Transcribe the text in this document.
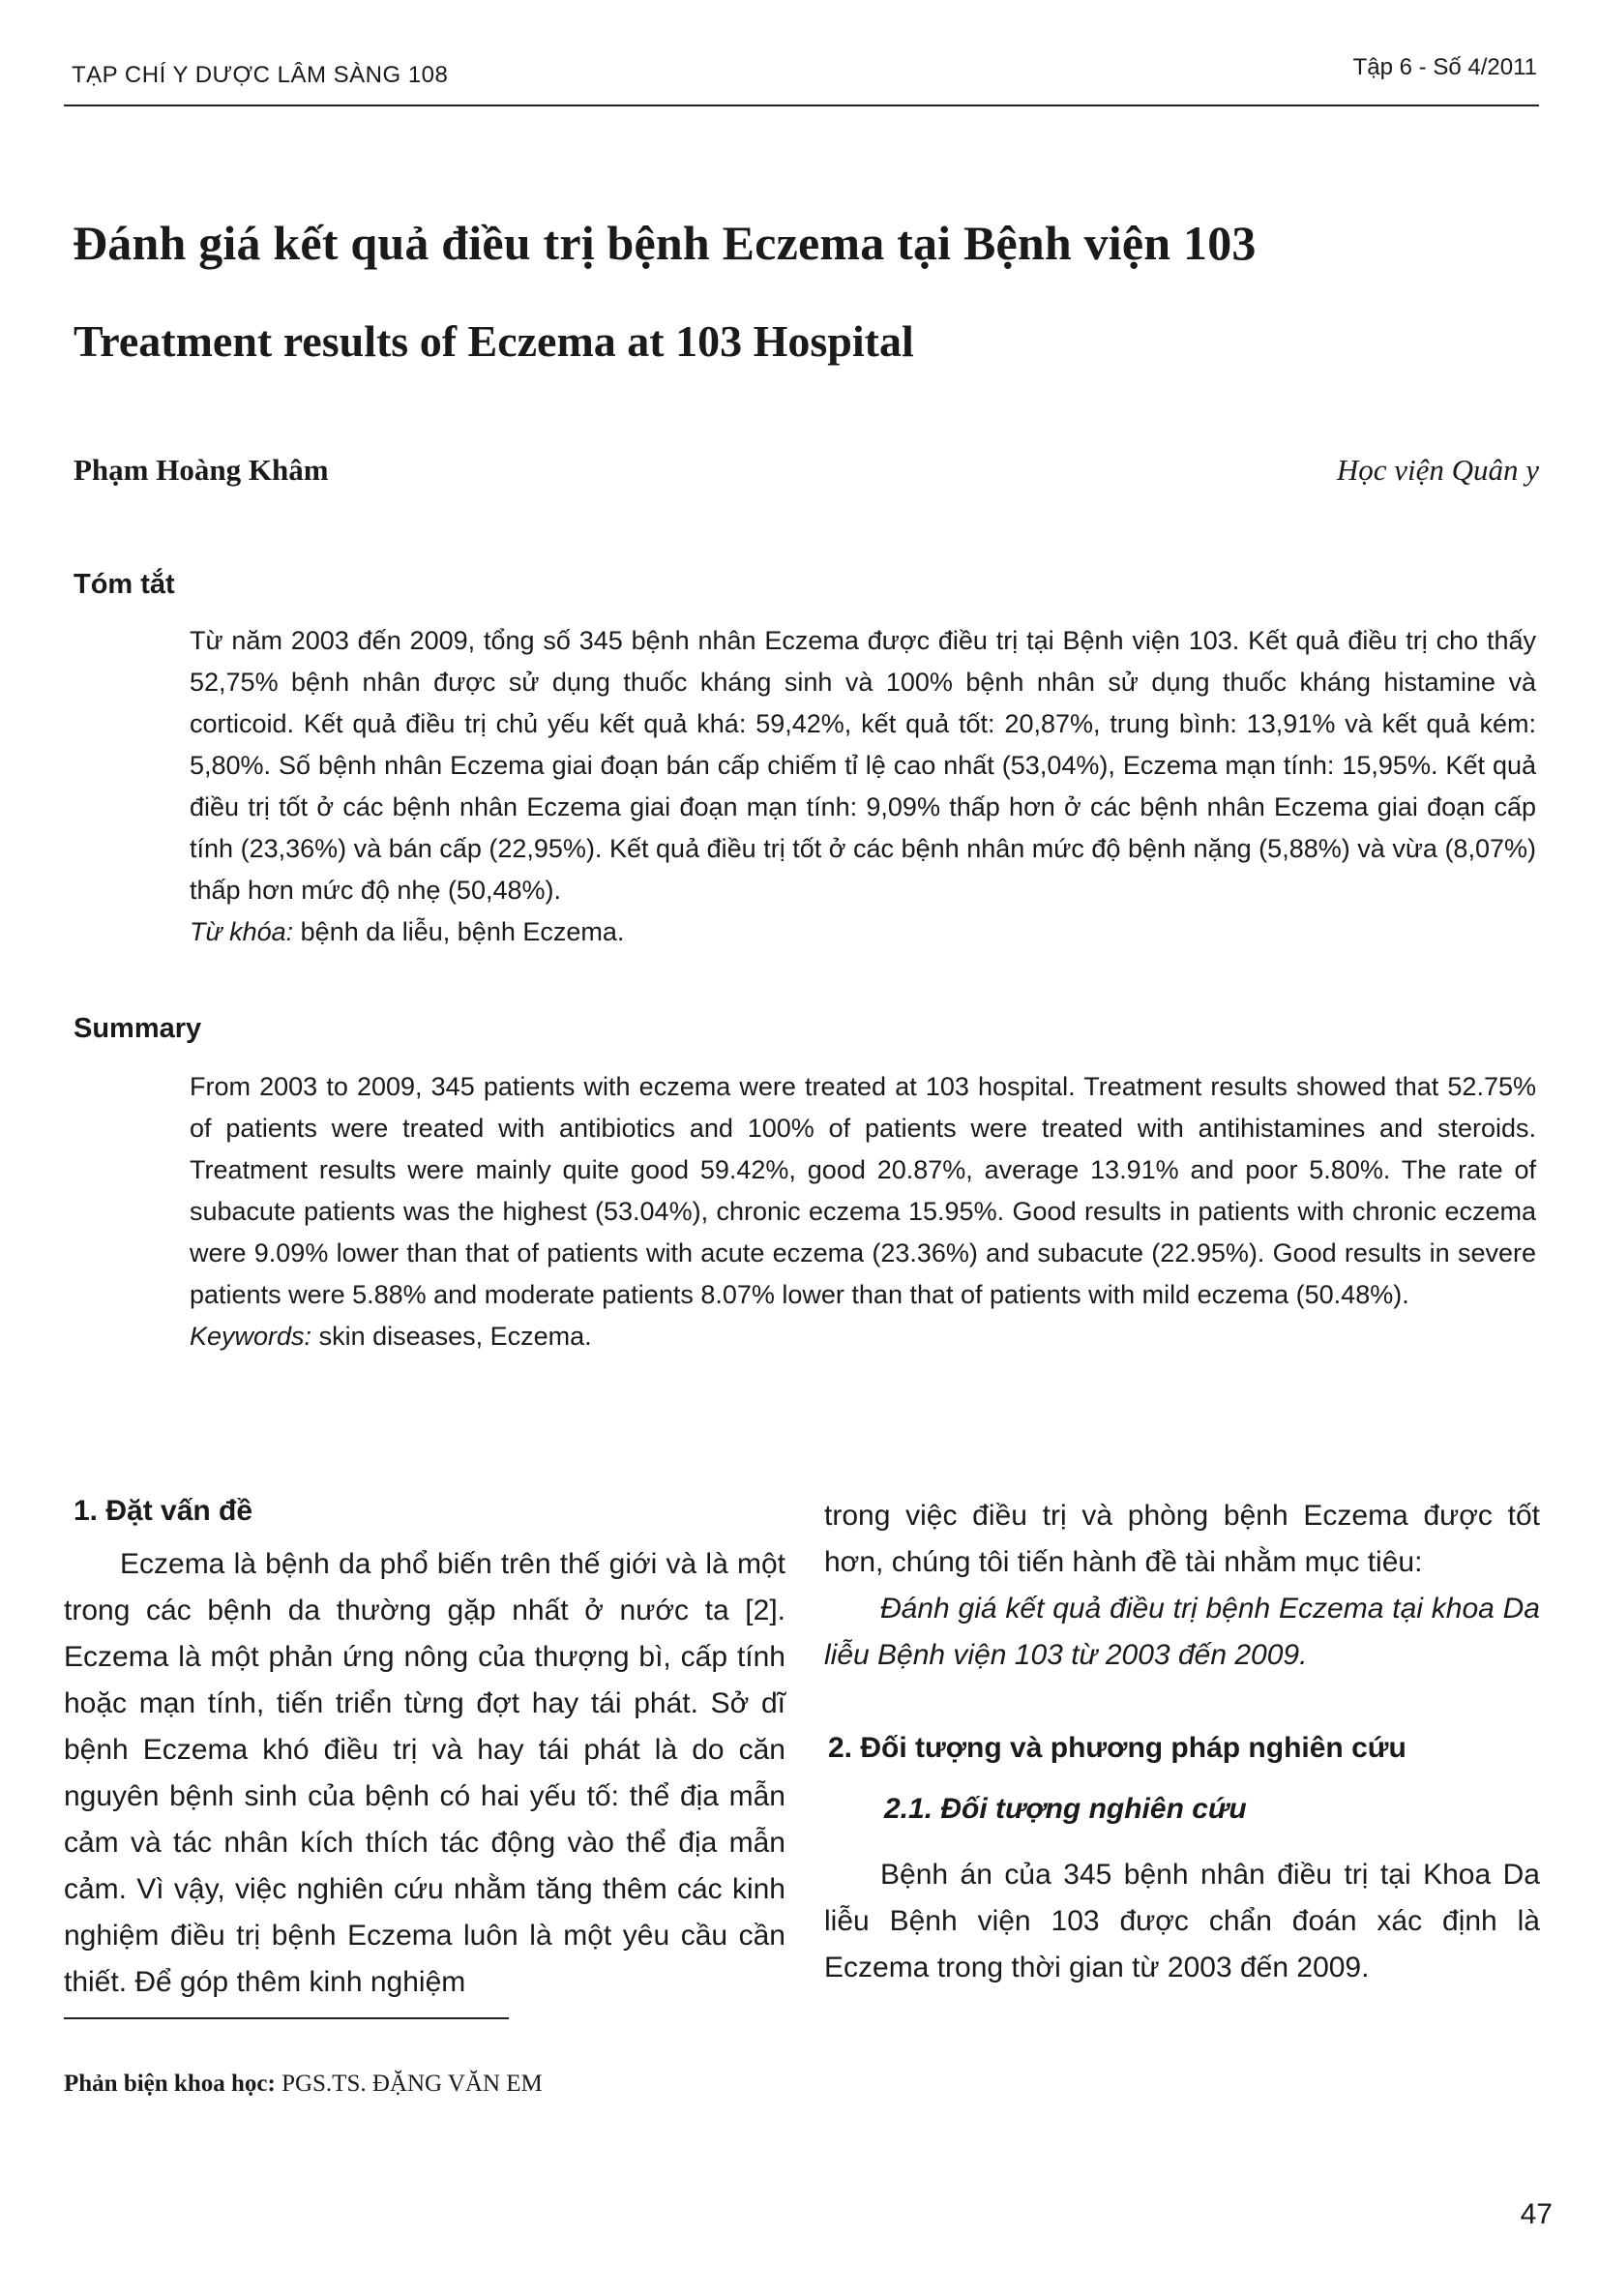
TẠP CHÍ Y DƯỢC LÂM SÀNG 108	Tập 6 - Số 4/2011
Đánh giá kết quả điều trị bệnh Eczema tại Bệnh viện 103
Treatment results of Eczema at 103 Hospital
Phạm Hoàng Khâm	Học viện Quân y
Tóm tắt

Từ năm 2003 đến 2009, tổng số 345 bệnh nhân Eczema được điều trị tại Bệnh viện 103. Kết quả điều trị cho thấy 52,75% bệnh nhân được sử dụng thuốc kháng sinh và 100% bệnh nhân sử dụng thuốc kháng histamine và corticoid. Kết quả điều trị chủ yếu kết quả khá: 59,42%, kết quả tốt: 20,87%, trung bình: 13,91% và kết quả kém: 5,80%. Số bệnh nhân Eczema giai đoạn bán cấp chiếm tỉ lệ cao nhất (53,04%), Eczema mạn tính: 15,95%. Kết quả điều trị tốt ở các bệnh nhân Eczema giai đoạn mạn tính: 9,09% thấp hơn ở các bệnh nhân Eczema giai đoạn cấp tính (23,36%) và bán cấp (22,95%). Kết quả điều trị tốt ở các bệnh nhân mức độ bệnh nặng (5,88%) và vừa (8,07%) thấp hơn mức độ nhẹ (50,48%).

Từ khóa: bệnh da liễu, bệnh Eczema.

Summary

From 2003 to 2009, 345 patients with eczema were treated at 103 hospital. Treatment results showed that 52.75% of patients were treated with antibiotics and 100% of patients were treated with antihistamines and steroids. Treatment results were mainly quite good 59.42%, good 20.87%, average 13.91% and poor 5.80%. The rate of subacute patients was the highest (53.04%), chronic eczema 15.95%. Good results in patients with chronic eczema were 9.09% lower than that of patients with acute eczema (23.36%) and subacute (22.95%). Good results in severe patients were 5.88% and moderate patients 8.07% lower than that of patients with mild eczema (50.48%).

Keywords: skin diseases, Eczema.

1. Đặt vấn đề

Eczema là bệnh da phổ biến trên thế giới và là một trong các bệnh da thường gặp nhất ở nước ta [2]. Eczema là một phản ứng nông của thượng bì, cấp tính hoặc mạn tính, tiến triển từng đợt hay tái phát. Sở dĩ bệnh Eczema khó điều trị và hay tái phát là do căn nguyên bệnh sinh của bệnh có hai yếu tố: thể địa mẫn cảm và tác nhân kích thích tác động vào thể địa mẫn cảm. Vì vậy, việc nghiên cứu nhằm tăng thêm các kinh nghiệm điều trị bệnh Eczema luôn là một yêu cầu cần thiết. Để góp thêm kinh nghiệm

trong việc điều trị và phòng bệnh Eczema được tốt hơn, chúng tôi tiến hành đề tài nhằm mục tiêu:

Đánh giá kết quả điều trị bệnh Eczema tại khoa Da liễu Bệnh viện 103 từ 2003 đến 2009.

2. Đối tượng và phương pháp nghiên cứu
2.1. Đối tượng nghiên cứu

Bệnh án của 345 bệnh nhân điều trị tại Khoa Da liễu Bệnh viện 103 được chẩn đoán xác định là Eczema trong thời gian từ 2003 đến 2009.

Phản biện khoa học: PGS.TS. ĐẶNG VĂN EM
47
